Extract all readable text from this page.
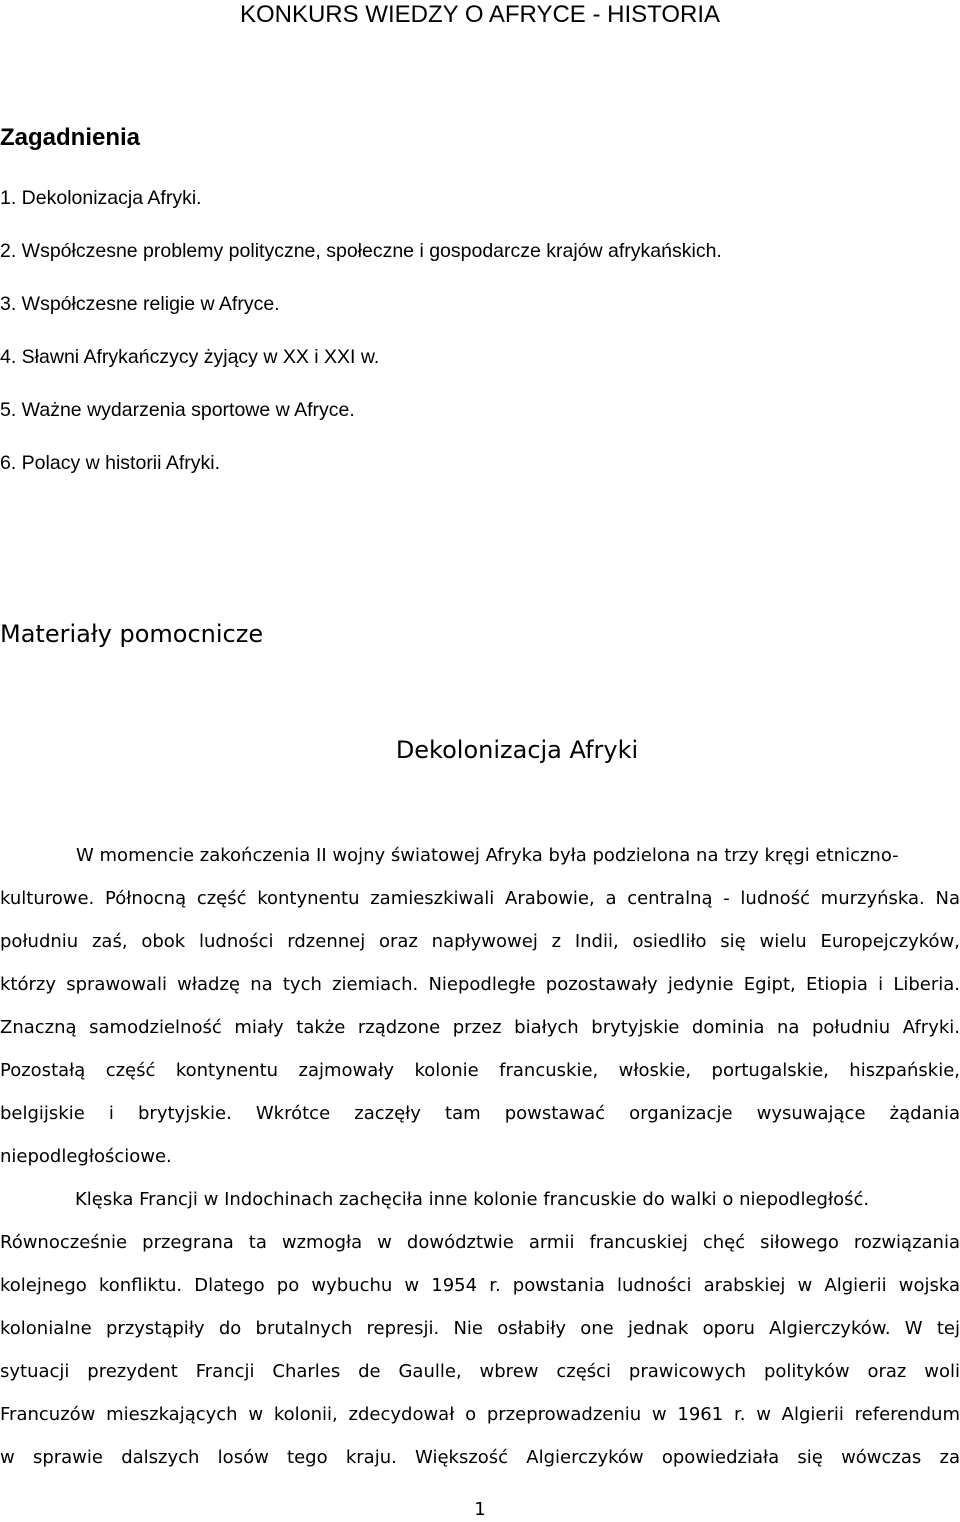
KONKURS WIEDZY O AFRYCE - HISTORIA
Zagadnienia
1. Dekolonizacja Afryki.
2. Współczesne problemy polityczne, społeczne i gospodarcze krajów afrykańskich.
3. Współczesne religie w Afryce.
4. Sławni Afrykańczycy żyjący w XX i XXI w.
5. Ważne wydarzenia sportowe w Afryce.
6. Polacy w historii Afryki.
Materiały pomocnicze
Dekolonizacja Afryki
W momencie zakończenia II wojny światowej Afryka była podzielona na trzy kręgi etniczno-
kulturowe. Północną część kontynentu zamieszkiwali Arabowie, a centralną - ludność murzyńska. Na
południu zaś, obok ludności rdzennej oraz napływowej z Indii, osiedliło się wielu Europejczyków,
którzy sprawowali władzę na tych ziemiach. Niepodległe pozostawały jedynie Egipt, Etiopia i Liberia.
Znaczną samodzielność miały także rządzone przez białych brytyjskie dominia na południu Afryki.
Pozostałą część kontynentu zajmowały kolonie francuskie, włoskie, portugalskie, hiszpańskie,
belgijskie i brytyjskie. Wkrótce zaczęły tam powstawać organizacje wysuwające żądania
niepodległościowe.
Klęska Francji w Indochinach zachęciła inne kolonie francuskie do walki o niepodległość.
Równocześnie przegrana ta wzmogła w dowództwie armii francuskiej chęć siłowego rozwiązania
kolejnego konfliktu. Dlatego po wybuchu w 1954 r. powstania ludności arabskiej w Algierii wojska
kolonialne przystąpiły do brutalnych represji. Nie osłabiły one jednak oporu Algierczyków. W tej
sytuacji prezydent Francji Charles de Gaulle, wbrew części prawicowych polityków oraz woli
Francuzów mieszkających w kolonii, zdecydował o przeprowadzeniu w 1961 r. w Algierii referendum
w sprawie dalszych losów tego kraju. Większość Algierczyków opowiedziała się wówczas za
1
